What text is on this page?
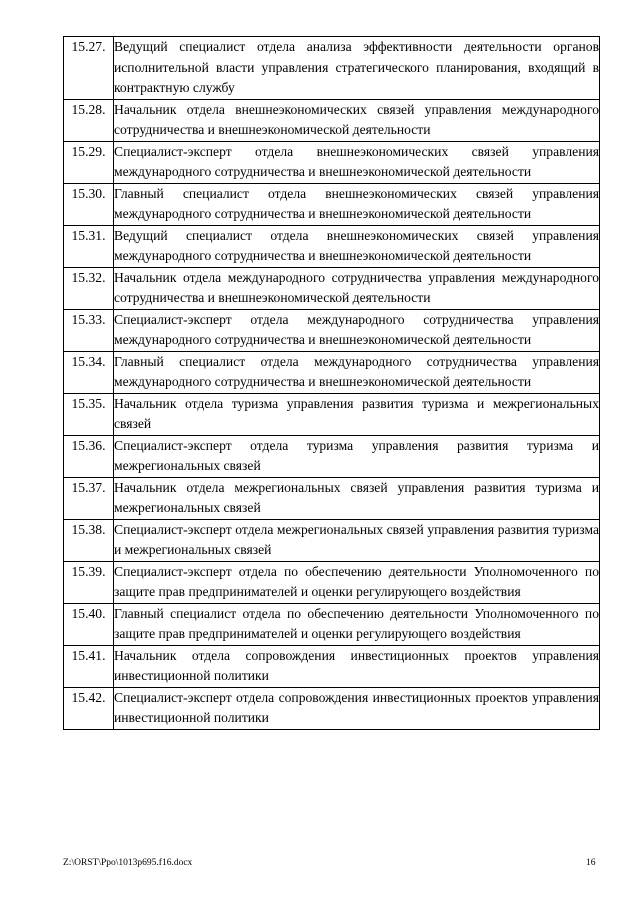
15.27.	Ведущий специалист отдела анализа эффективности деятельности органов исполнительной власти управления стратегического планирования, входящий в контрактную службу
15.28.	Начальник отдела внешнеэкономических связей управления международного сотрудничества и внешнеэкономической деятельности
15.29.	Специалист-эксперт отдела внешнеэкономических связей управления международного сотрудничества и внешнеэкономической деятельности
15.30.	Главный специалист отдела внешнеэкономических связей управления международного сотрудничества и внешнеэкономической деятельности
15.31.	Ведущий специалист отдела внешнеэкономических связей управления международного сотрудничества и внешнеэкономической деятельности
15.32.	Начальник отдела международного сотрудничества управления международного сотрудничества и внешнеэкономической деятельности
15.33.	Специалист-эксперт отдела международного сотрудничества управления международного сотрудничества и внешнеэкономической деятельности
15.34.	Главный специалист отдела международного сотрудничества управления международного сотрудничества и внешнеэкономической деятельности
15.35.	Начальник отдела туризма управления развития туризма и межрегиональных связей
15.36.	Специалист-эксперт отдела туризма управления развития туризма и межрегиональных связей
15.37.	Начальник отдела межрегиональных связей управления развития туризма и межрегиональных связей
15.38.	Специалист-эксперт отдела межрегиональных связей управления развития туризма и межрегиональных связей
15.39.	Специалист-эксперт отдела по обеспечению деятельности Уполномоченного по защите прав предпринимателей и оценки регулирующего воздействия
15.40.	Главный специалист отдела по обеспечению деятельности Уполномоченного по защите прав предпринимателей и оценки регулирующего воздействия
15.41.	Начальник отдела сопровождения инвестиционных проектов управления инвестиционной политики
15.42.	Специалист-эксперт отдела сопровождения инвестиционных проектов управления инвестиционной политики
Z:\ORST\Ppo\1013p695.f16.docx	16
